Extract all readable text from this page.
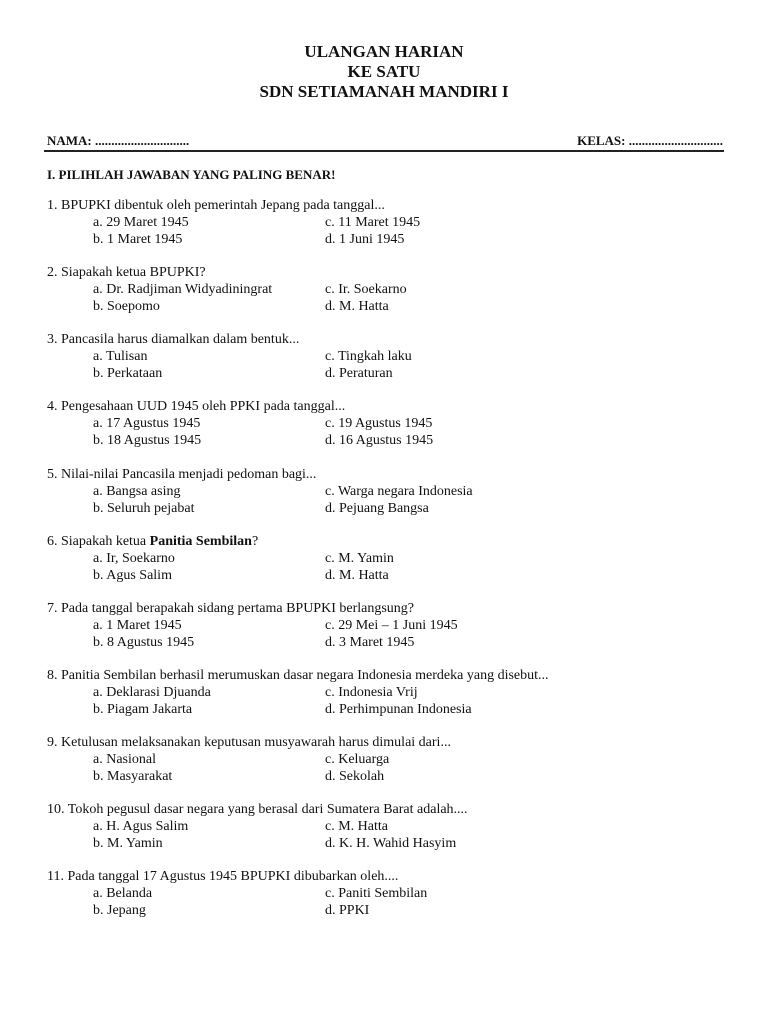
ULANGAN HARIAN
KE SATU
SDN SETIAMANAH MANDIRI I
NAMA: .............................	KELAS: .............................
I. PILIHLAH JAWABAN YANG PALING BENAR!
1. BPUPKI dibentuk oleh pemerintah Jepang pada tanggal...
a. 29 Maret 1945
b. 1 Maret 1945
c. 11 Maret 1945
d. 1 Juni 1945
2. Siapakah ketua BPUPKI?
a. Dr. Radjiman Widyadiningrat
b. Soepomo
c. Ir. Soekarno
d. M. Hatta
3. Pancasila harus diamalkan dalam bentuk...
a. Tulisan
b. Perkataan
c. Tingkah laku
d. Peraturan
4. Pengesahaan UUD 1945 oleh PPKI pada tanggal...
a. 17 Agustus 1945
b. 18 Agustus 1945
c. 19 Agustus 1945
d. 16 Agustus 1945
5. Nilai-nilai Pancasila menjadi pedoman bagi...
a. Bangsa asing
b. Seluruh pejabat
c. Warga negara Indonesia
d. Pejuang Bangsa
6. Siapakah ketua Panitia Sembilan?
a. Ir, Soekarno
b. Agus Salim
c. M. Yamin
d. M. Hatta
7. Pada tanggal berapakah sidang pertama BPUPKI berlangsung?
a. 1 Maret 1945
b. 8 Agustus 1945
c. 29 Mei – 1 Juni 1945
d. 3 Maret 1945
8. Panitia Sembilan berhasil merumuskan dasar negara Indonesia merdeka yang disebut...
a. Deklarasi Djuanda
b. Piagam Jakarta
c. Indonesia Vrij
d. Perhimpunan Indonesia
9. Ketulusan melaksanakan keputusan musyawarah harus dimulai dari...
a. Nasional
b. Masyarakat
c. Keluarga
d. Sekolah
10. Tokoh pegusul dasar negara yang berasal dari Sumatera Barat adalah....
a. H. Agus Salim
b. M. Yamin
c. M. Hatta
d. K. H. Wahid Hasyim
11. Pada tanggal 17 Agustus 1945 BPUPKI dibubarkan oleh....
a. Belanda
b. Jepang
c. Paniti Sembilan
d. PPKI
